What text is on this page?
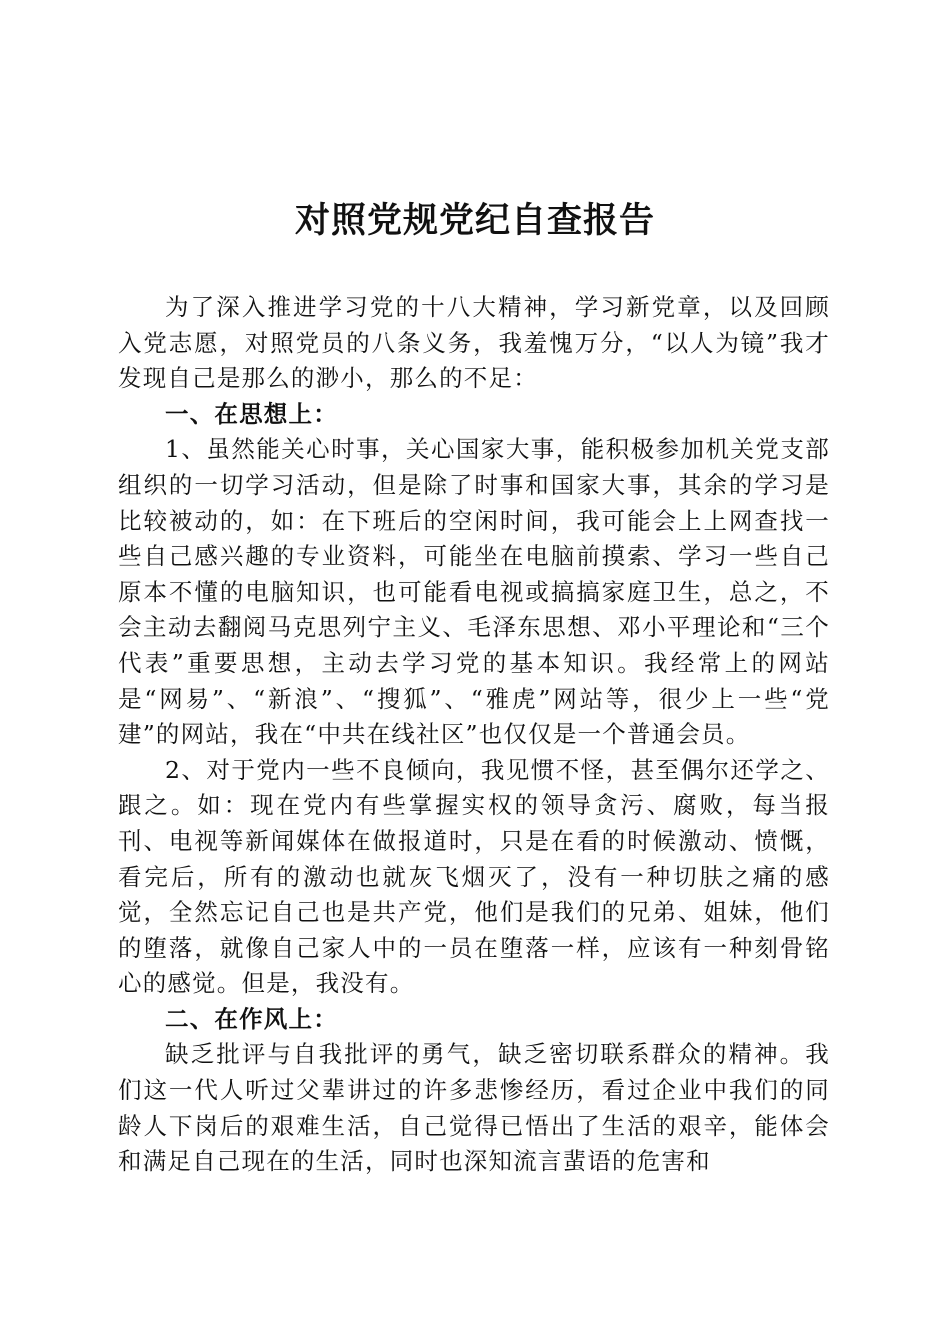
对照党规党纪自查报告

为了深入推进学习党的十八大精神，学习新党章，以及回顾入党志愿，对照党员的八条义务，我羞愧万分，“以人为镜”我才发现自己是那么的渺小，那么的不足：

一、在思想上：

1、虽然能关心时事，关心国家大事，能积极参加机关党支部组织的一切学习活动，但是除了时事和国家大事，其余的学习是比较被动的，如：在下班后的空闲时间，我可能会上上网查找一些自己感兴趣的专业资料，可能坐在电脑前摸索、学习一些自己原本不懂的电脑知识，也可能看电视或搞搞家庭卫生，总之，不会主动去翻阅马克思列宁主义、毛泽东思想、邓小平理论和“三个代表”重要思想，主动去学习党的基本知识。我经常上的网站是“网易”、“新浪”、“搜狐”、“雅虎”网站等，很少上一些“党建”的网站，我在“中共在线社区”也仅仅是一个普通会员。

2、对于党内一些不良倾向，我见惯不怪，甚至偶尔还学之、跟之。如：现在党内有些掌握实权的领导贪污、腐败，每当报刊、电视等新闻媒体在做报道时，只是在看的时候激动、愤慨，看完后，所有的激动也就灰飞烟灭了，没有一种切肤之痛的感觉，全然忘记自己也是共产党，他们是我们的兄弟、姐妹，他们的堕落，就像自己家人中的一员在堕落一样，应该有一种刻骨铭心的感觉。但是，我没有。

二、在作风上：

缺乏批评与自我批评的勇气，缺乏密切联系群众的精神。我们这一代人听过父辈讲过的许多悲惨经历，看过企业中我们的同龄人下岗后的艰难生活，自己觉得已悟出了生活的艰辛，能体会和满足自己现在的生活，同时也深知流言蜚语的危害和
